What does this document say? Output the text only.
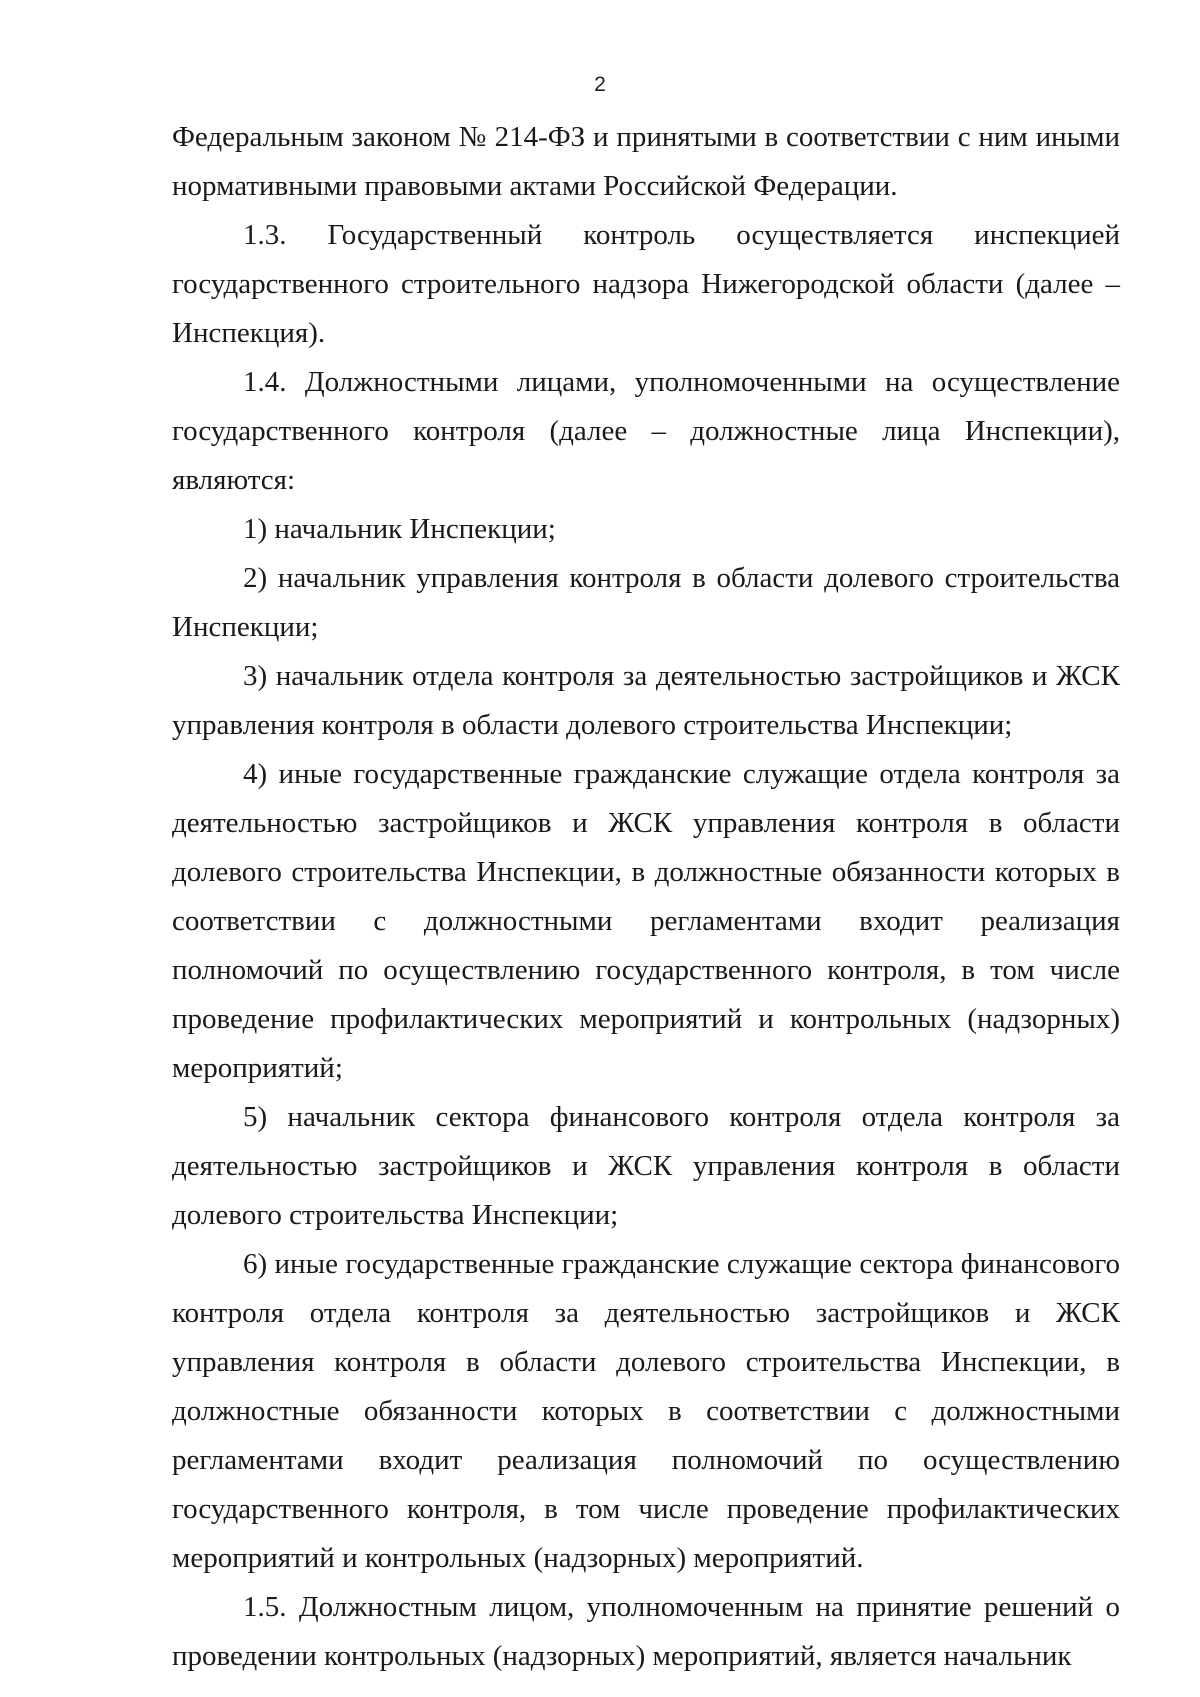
2

Федеральным законом № 214-ФЗ и принятыми в соответствии с ним иными нормативными правовыми актами Российской Федерации.

1.3. Государственный контроль осуществляется инспекцией государственного строительного надзора Нижегородской области (далее – Инспекция).

1.4. Должностными лицами, уполномоченными на осуществление государственного контроля (далее – должностные лица Инспекции), являются:

1) начальник Инспекции;

2) начальник управления контроля в области долевого строительства Инспекции;

3) начальник отдела контроля за деятельностью застройщиков и ЖСК управления контроля в области долевого строительства Инспекции;

4) иные государственные гражданские служащие отдела контроля за деятельностью застройщиков и ЖСК управления контроля в области долевого строительства Инспекции, в должностные обязанности которых в соответствии с должностными регламентами входит реализация полномочий по осуществлению государственного контроля, в том числе проведение профилактических мероприятий и контрольных (надзорных) мероприятий;

5) начальник сектора финансового контроля отдела контроля за деятельностью застройщиков и ЖСК управления контроля в области долевого строительства Инспекции;

6) иные государственные гражданские служащие сектора финансового контроля отдела контроля за деятельностью застройщиков и ЖСК управления контроля в области долевого строительства Инспекции, в должностные обязанности которых в соответствии с должностными регламентами входит реализация полномочий по осуществлению государственного контроля, в том числе проведение профилактических мероприятий и контрольных (надзорных) мероприятий.

1.5. Должностным лицом, уполномоченным на принятие решений о проведении контрольных (надзорных) мероприятий, является начальник
